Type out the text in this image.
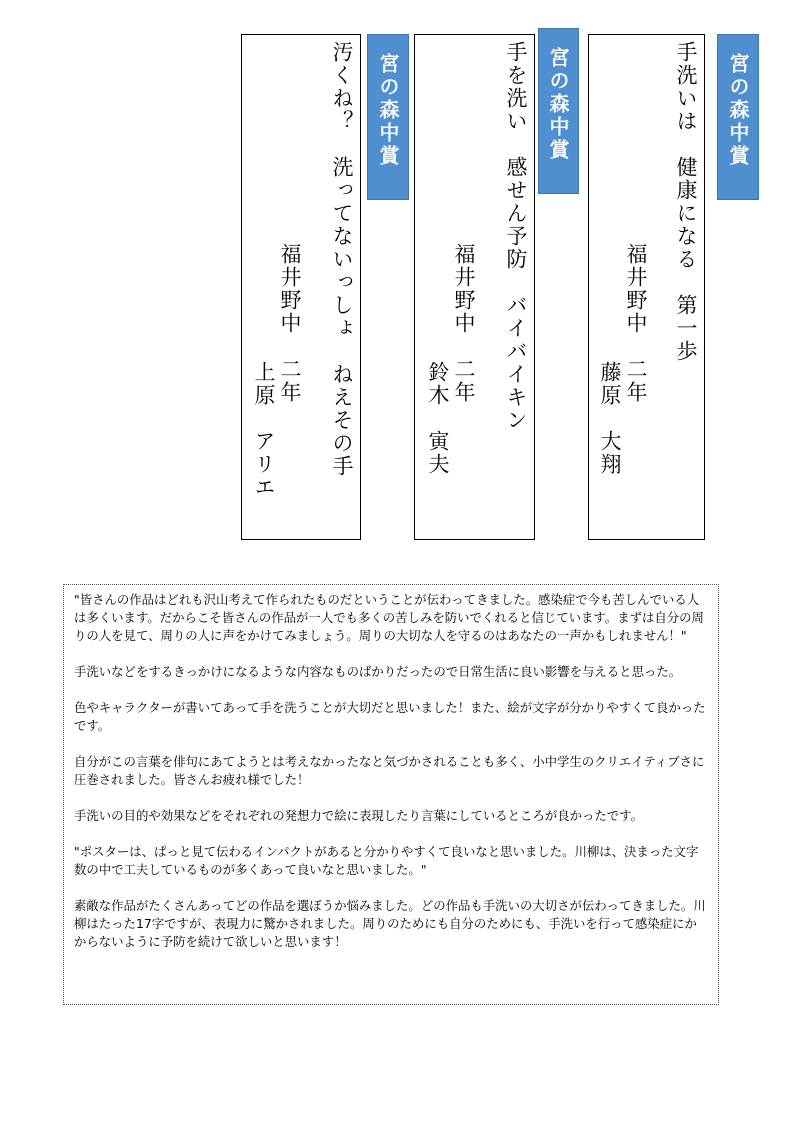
汚くね？　洗ってないっしょ　ねえその手
福井野中　二年
上原　アリエ
宮の森中賞	手を洗い　感せん予防　バイバイキン
福井野中　二年
鈴木　寅夫
宮の森中賞	手洗いは　健康になる　第一歩
福井野中　二年
藤原　大翔
宮の森中賞

"皆さんの作品はどれも沢山考えて作られたものだということが伝わってきました。感染症で今も苦しんでいる人は多くいます。だからこそ皆さんの作品が一人でも多くの苦しみを防いでくれると信じています。まずは自分の周りの人を見て、周りの人に声をかけてみましょう。周りの大切な人を守るのはあなたの一声かもしれません！"

手洗いなどをするきっかけになるような内容なものばかりだったので日常生活に良い影響を与えると思った。

色やキャラクターが書いてあって手を洗うことが大切だと思いました！また、絵が文字が分かりやすくて良かったです。

自分がこの言葉を俳句にあてようとは考えなかったなと気づかされることも多く、小中学生のクリエイティブさに圧巻されました。皆さんお疲れ様でした！

手洗いの目的や効果などをそれぞれの発想力で絵に表現したり言葉にしているところが良かったです。

"ポスターは、ぱっと見て伝わるインパクトがあると分かりやすくて良いなと思いました。川柳は、決まった文字数の中で工夫しているものが多くあって良いなと思いました。"

素敵な作品がたくさんあってどの作品を選ぼうか悩みました。どの作品も手洗いの大切さが伝わってきました。川柳はたった17字ですが、表現力に驚かされました。周りのためにも自分のためにも、手洗いを行って感染症にかからないように予防を続けて欲しいと思います！
